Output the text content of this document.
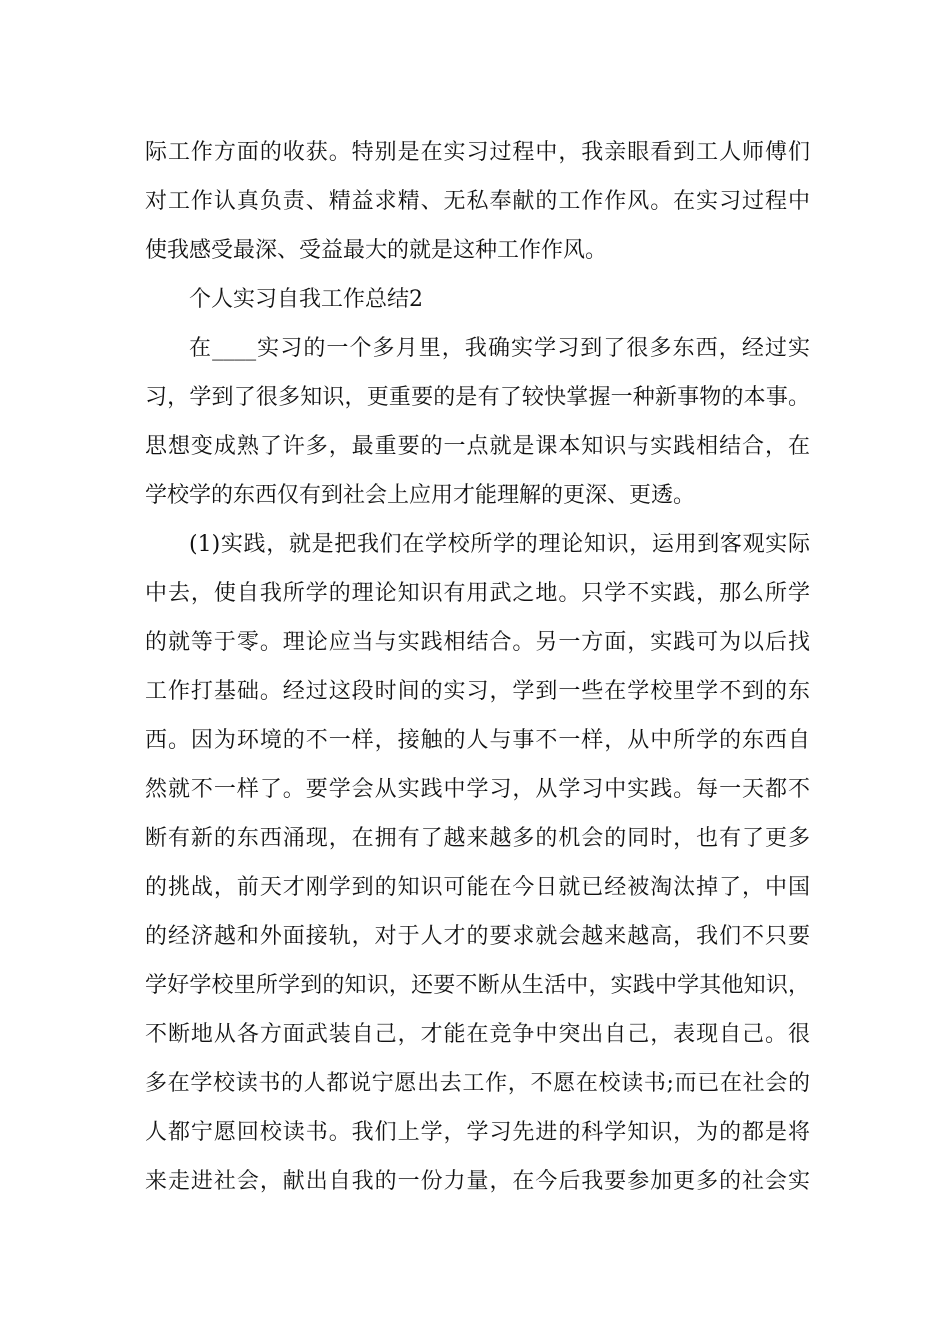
际工作方面的收获。特别是在实习过程中，我亲眼看到工人师傅们
对工作认真负责、精益求精、无私奉献的工作作风。在实习过程中
使我感受最深、受益最大的就是这种工作作风。
个人实习自我工作总结2
在____实习的一个多月里，我确实学习到了很多东西，经过实
习，学到了很多知识，更重要的是有了较快掌握一种新事物的本事。
思想变成熟了许多，最重要的一点就是课本知识与实践相结合，在
学校学的东西仅有到社会上应用才能理解的更深、更透。
(1)实践，就是把我们在学校所学的理论知识，运用到客观实际
中去，使自我所学的理论知识有用武之地。只学不实践，那么所学
的就等于零。理论应当与实践相结合。另一方面，实践可为以后找
工作打基础。经过这段时间的实习，学到一些在学校里学不到的东
西。因为环境的不一样，接触的人与事不一样，从中所学的东西自
然就不一样了。要学会从实践中学习，从学习中实践。每一天都不
断有新的东西涌现，在拥有了越来越多的机会的同时，也有了更多
的挑战，前天才刚学到的知识可能在今日就已经被淘汰掉了，中国
的经济越和外面接轨，对于人才的要求就会越来越高，我们不只要
学好学校里所学到的知识，还要不断从生活中，实践中学其他知识，
不断地从各方面武装自己，才能在竞争中突出自己，表现自己。很
多在学校读书的人都说宁愿出去工作，不愿在校读书;而已在社会的
人都宁愿回校读书。我们上学，学习先进的科学知识，为的都是将
来走进社会，献出自我的一份力量，在今后我要参加更多的社会实
